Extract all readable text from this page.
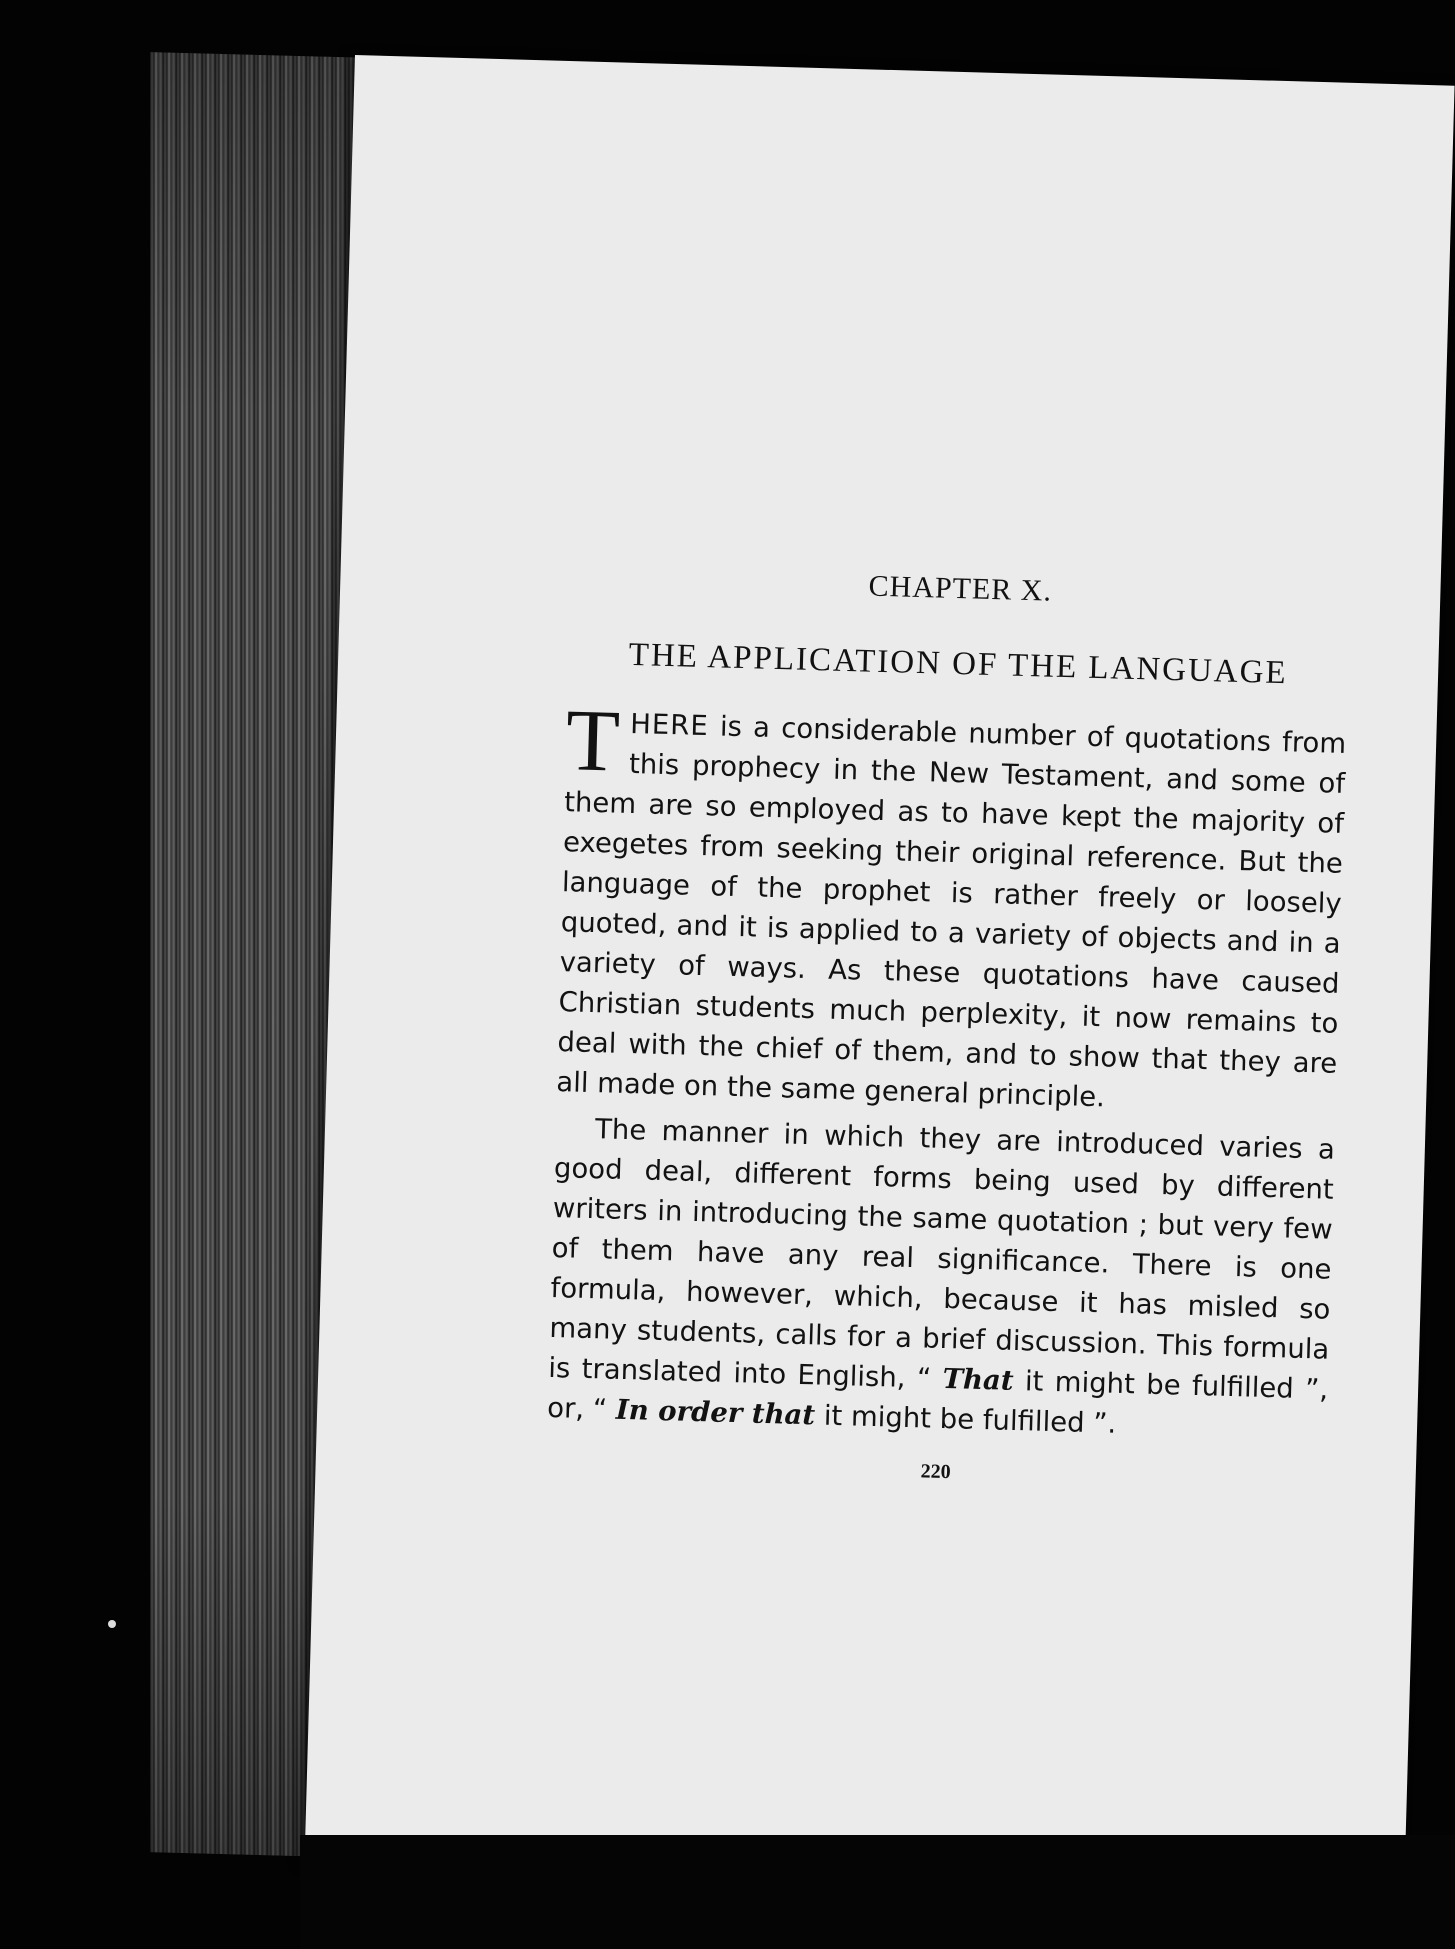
CHAPTER X.
THE APPLICATION OF THE LANGUAGE

THERE is a considerable number of quotations from this prophecy in the New Testament, and some of them are so employed as to have kept the majority of exegetes from seeking their original reference. But the language of the prophet is rather freely or loosely quoted, and it is applied to a variety of objects and in a variety of ways. As these quotations have caused Christian students much perplexity, it now remains to deal with the chief of them, and to show that they are all made on the same general principle.

The manner in which they are introduced varies a good deal, different forms being used by different writers in introducing the same quotation ; but very few of them have any real significance. There is one formula, however, which, because it has misled so many students, calls for a brief discussion. This formula is translated into English, “ That it might be fulfilled ”, or, “ In order that it might be fulfilled ”.

220
